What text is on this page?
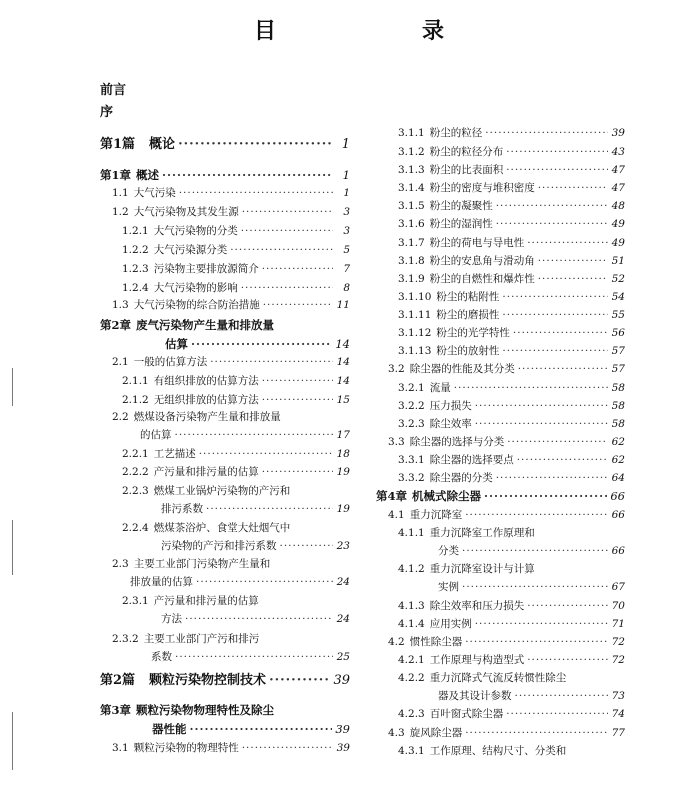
目　　录
前言
序
第1篇 概论 ·····	1
第1章 概述 ·····	1
1.1 大气污染 ·····	1
1.2 大气污染物及其发生源 ·····	3
1.2.1 大气污染物的分类 ·····	3
1.2.2 大气污染源分类 ·····	5
1.2.3 污染物主要排放源简介 ·····	7
1.2.4 大气污染物的影响 ·····	8
1.3 大气污染物的综合防治措施 ·····	11
第2章 废气污染物产生量和排放量
估算 ·····	14
2.1 一般的估算方法 ·····	14
2.1.1 有组织排放的估算方法 ·····	14
2.1.2 无组织排放的估算方法 ·····	15
2.2 燃煤设备污染物产生量和排放量
的估算 ·····	17
2.2.1 工艺描述 ·····	18
2.2.2 产污量和排污量的估算 ·····	19
2.2.3 燃煤工业锅炉污染物的产污和
排污系数 ·····	19
2.2.4 燃煤茶浴炉、食堂大灶烟气中
污染物的产污和排污系数 ·····	23
2.3 主要工业部门污染物产生量和
排放量的估算 ·····	24
2.3.1 产污量和排污量的估算
方法 ·····	24
2.3.2 主要工业部门产污和排污
系数 ·····	25
第2篇 颗粒污染物控制技术 ·····	39
第3章 颗粒污染物物理特性及除尘
器性能 ·····	39
3.1 颗粒污染物的物理特性 ·····	39
3.1.1 粉尘的粒径 ·····	39
3.1.2 粉尘的粒径分布 ·····	43
3.1.3 粉尘的比表面积 ·····	47
3.1.4 粉尘的密度与堆积密度 ·····	47
3.1.5 粉尘的凝聚性 ·····	48
3.1.6 粉尘的湿润性 ·····	49
3.1.7 粉尘的荷电与导电性 ·····	49
3.1.8 粉尘的安息角与滑动角 ·····	51
3.1.9 粉尘的自燃性和爆炸性 ·····	52
3.1.10 粉尘的粘附性 ·····	54
3.1.11 粉尘的磨损性 ·····	55
3.1.12 粉尘的光学特性 ·····	56
3.1.13 粉尘的放射性 ·····	57
3.2 除尘器的性能及其分类 ·····	57
3.2.1 流量 ·····	58
3.2.2 压力损失 ·····	58
3.2.3 除尘效率 ·····	58
3.3 除尘器的选择与分类 ·····	62
3.3.1 除尘器的选择要点 ·····	62
3.3.2 除尘器的分类 ·····	64
第4章 机械式除尘器 ·····	66
4.1 重力沉降室 ·····	66
4.1.1 重力沉降室工作原理和
分类 ·····	66
4.1.2 重力沉降室设计与计算
实例 ·····	67
4.1.3 除尘效率和压力损失 ·····	70
4.1.4 应用实例 ·····	71
4.2 惯性除尘器 ·····	72
4.2.1 工作原理与构造型式 ·····	72
4.2.2 重力沉降式气流反转惯性除尘
器及其设计参数 ·····	73
4.2.3 百叶窗式除尘器 ·····	74
4.3 旋风除尘器 ·····	77
4.3.1 工作原理、结构尺寸、分类和
